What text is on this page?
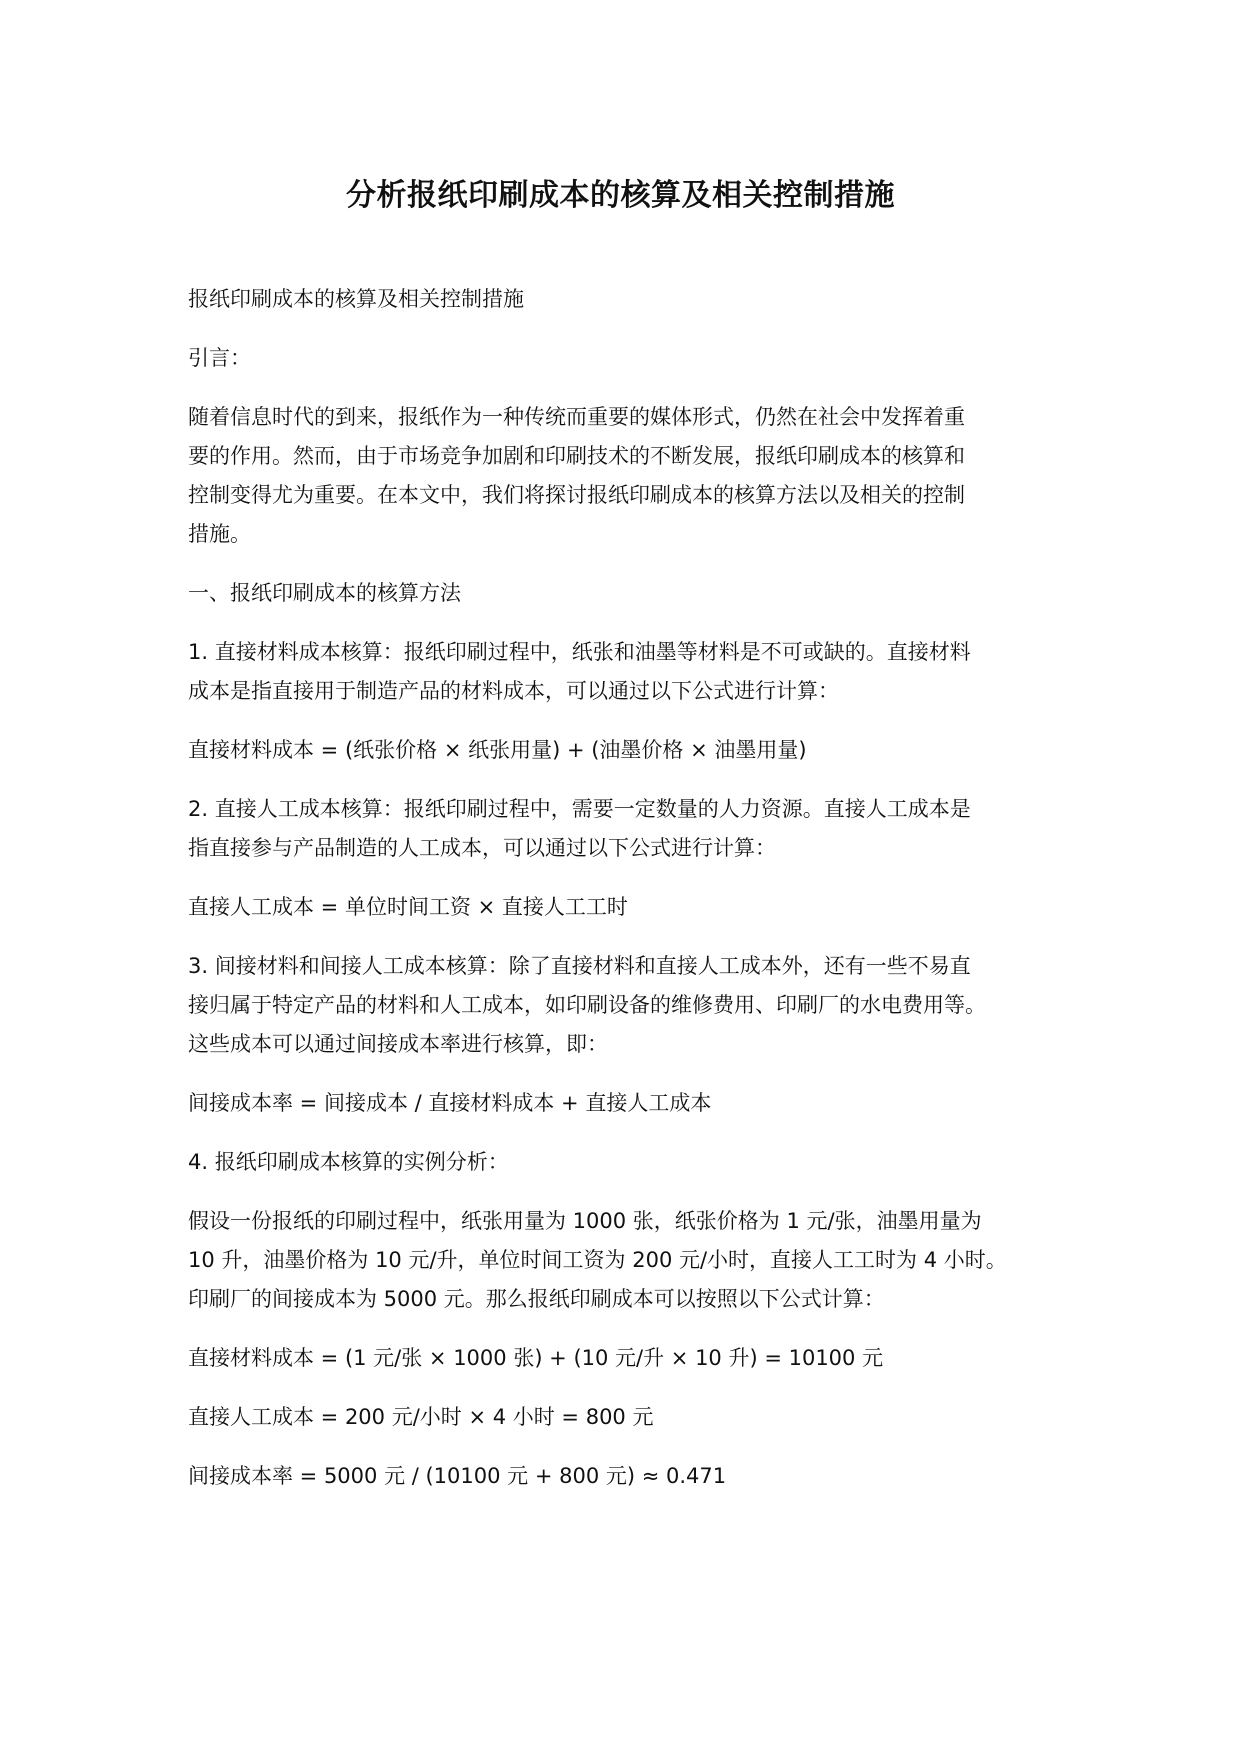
分析报纸印刷成本的核算及相关控制措施
报纸印刷成本的核算及相关控制措施
引言：
随着信息时代的到来，报纸作为一种传统而重要的媒体形式，仍然在社会中发挥着重
要的作用。然而，由于市场竞争加剧和印刷技术的不断发展，报纸印刷成本的核算和
控制变得尤为重要。在本文中，我们将探讨报纸印刷成本的核算方法以及相关的控制
措施。
一、报纸印刷成本的核算方法
1. 直接材料成本核算：报纸印刷过程中，纸张和油墨等材料是不可或缺的。直接材料
成本是指直接用于制造产品的材料成本，可以通过以下公式进行计算：
直接材料成本 = (纸张价格 × 纸张用量) + (油墨价格 × 油墨用量)
2. 直接人工成本核算：报纸印刷过程中，需要一定数量的人力资源。直接人工成本是
指直接参与产品制造的人工成本，可以通过以下公式进行计算：
直接人工成本 = 单位时间工资 × 直接人工工时
3. 间接材料和间接人工成本核算：除了直接材料和直接人工成本外，还有一些不易直
接归属于特定产品的材料和人工成本，如印刷设备的维修费用、印刷厂的水电费用等。
这些成本可以通过间接成本率进行核算，即：
间接成本率 = 间接成本 / 直接材料成本 + 直接人工成本
4. 报纸印刷成本核算的实例分析：
假设一份报纸的印刷过程中，纸张用量为 1000 张，纸张价格为 1 元/张，油墨用量为
10 升，油墨价格为 10 元/升，单位时间工资为 200 元/小时，直接人工工时为 4 小时。
印刷厂的间接成本为 5000 元。那么报纸印刷成本可以按照以下公式计算：
直接材料成本 = (1 元/张 × 1000 张) + (10 元/升 × 10 升) = 10100 元
直接人工成本 = 200 元/小时 × 4 小时 = 800 元
间接成本率 = 5000 元 / (10100 元 + 800 元) ≈ 0.471
